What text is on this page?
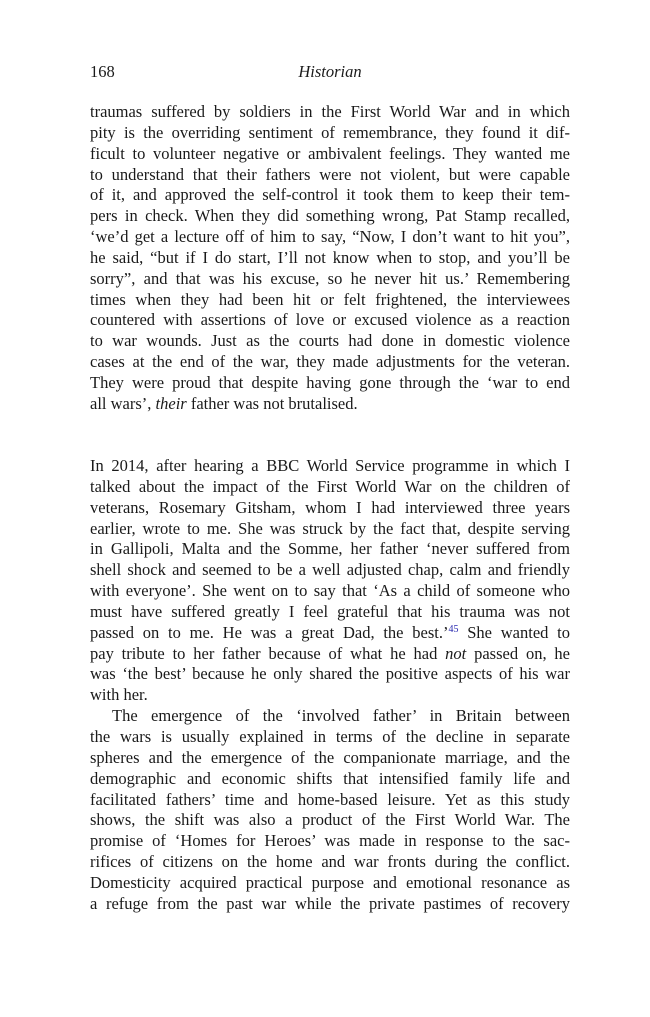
168	Historian

traumas suffered by soldiers in the First World War and in which
pity is the overriding sentiment of remembrance, they found it dif-
ficult to volunteer negative or ambivalent feelings. They wanted me
to understand that their fathers were not violent, but were capable
of it, and approved the self-control it took them to keep their tem-
pers in check. When they did something wrong, Pat Stamp recalled,
‘we’d get a lecture off of him to say, “Now, I don’t want to hit you”,
he said, “but if I do start, I’ll not know when to stop, and you’ll be
sorry”, and that was his excuse, so he never hit us.’ Remembering
times when they had been hit or felt frightened, the interviewees
countered with assertions of love or excused violence as a reaction
to war wounds. Just as the courts had done in domestic violence
cases at the end of the war, they made adjustments for the veteran.
They were proud that despite having gone through the ‘war to end
all wars’, their father was not brutalised.

In 2014, after hearing a BBC World Service programme in which I
talked about the impact of the First World War on the children of
veterans, Rosemary Gitsham, whom I had interviewed three years
earlier, wrote to me. She was struck by the fact that, despite serving
in Gallipoli, Malta and the Somme, her father ‘never suffered from
shell shock and seemed to be a well adjusted chap, calm and friendly
with everyone’. She went on to say that ‘As a child of someone who
must have suffered greatly I feel grateful that his trauma was not
passed on to me. He was a great Dad, the best.’$^{45}$ She wanted to
pay tribute to her father because of what he had not passed on, he
was ‘the best’ because he only shared the positive aspects of his war
with her.

The emergence of the ‘involved father’ in Britain between
the wars is usually explained in terms of the decline in separate
spheres and the emergence of the companionate marriage, and the
demographic and economic shifts that intensified family life and
facilitated fathers’ time and home-based leisure. Yet as this study
shows, the shift was also a product of the First World War. The
promise of ‘Homes for Heroes’ was made in response to the sac-
rifices of citizens on the home and war fronts during the conflict.
Domesticity acquired practical purpose and emotional resonance as
a refuge from the past war while the private pastimes of recovery
